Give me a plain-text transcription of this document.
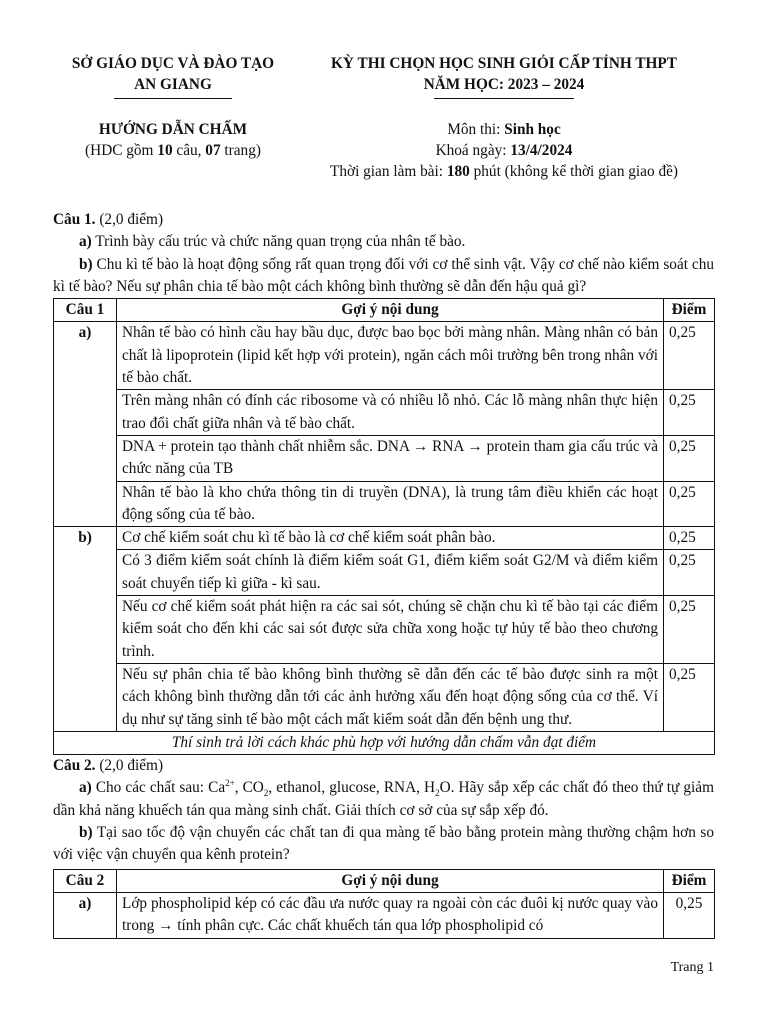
SỞ GIÁO DỤC VÀ ĐÀO TẠO
AN GIANG
HƯỚNG DẪN CHẤM
(HDC gồm 10 câu, 07 trang)
KỲ THI CHỌN HỌC SINH GIỎI CẤP TỈNH THPT
NĂM HỌC: 2023 – 2024
Môn thi: Sinh học
Khoá ngày: 13/4/2024
Thời gian làm bài: 180 phút (không kể thời gian giao đề)

Câu 1. (2,0 điểm)

a) Trình bày cấu trúc và chức năng quan trọng của nhân tế bào.

b) Chu kì tế bào là hoạt động sống rất quan trọng đối với cơ thể sinh vật. Vậy cơ chế nào kiểm soát chu kì tế bào? Nếu sự phân chia tế bào một cách không bình thường sẽ dẫn đến hậu quả gì?

Câu 1	Gợi ý nội dung	Điểm
a)	Nhân tế bào có hình cầu hay bầu dục, được bao bọc bởi màng nhân. Màng nhân có bản chất là lipoprotein (lipid kết hợp với protein), ngăn cách môi trường bên trong nhân với tế bào chất.	0,25
	Trên màng nhân có đính các ribosome và có nhiều lỗ nhỏ. Các lỗ màng nhân thực hiện trao đổi chất giữa nhân và tế bào chất.	0,25
	DNA + protein tạo thành chất nhiễm sắc. DNA → RNA → protein tham gia cấu trúc và chức năng của TB	0,25
	Nhân tế bào là kho chứa thông tin di truyền (DNA), là trung tâm điều khiển các hoạt động sống của tế bào.	0,25
b)	Cơ chế kiểm soát chu kì tế bào là cơ chế kiểm soát phân bào.	0,25
	Có 3 điểm kiểm soát chính là điểm kiểm soát G1, điểm kiểm soát G2/M và điểm kiểm soát chuyển tiếp kì giữa - kì sau.	0,25
	Nếu cơ chế kiểm soát phát hiện ra các sai sót, chúng sẽ chặn chu kì tế bào tại các điểm kiểm soát cho đến khi các sai sót được sửa chữa xong hoặc tự hủy tế bào theo chương trình.	0,25
	Nếu sự phân chia tế bào không bình thường sẽ dẫn đến các tế bào được sinh ra một cách không bình thường dẫn tới các ảnh hưởng xấu đến hoạt động sống của cơ thể. Ví dụ như sự tăng sinh tế bào một cách mất kiểm soát dẫn đến bệnh ung thư.	0,25
Thí sinh trả lời cách khác phù hợp với hướng dẫn chấm vẫn đạt điểm		

Câu 2. (2,0 điểm)

a) Cho các chất sau: $Ca^{2+}$, $CO_2$, ethanol, glucose, RNA, $H_2O$. Hãy sắp xếp các chất đó theo thứ tự giảm dần khả năng khuếch tán qua màng sinh chất. Giải thích cơ sở của sự sắp xếp đó.

b) Tại sao tốc độ vận chuyển các chất tan đi qua màng tế bào bằng protein màng thường chậm hơn so với việc vận chuyển qua kênh protein?

Câu 2	Gợi ý nội dung	Điểm
a)	Lớp phospholipid kép có các đầu ưa nước quay ra ngoài còn các đuôi kị nước quay vào trong → tính phân cực. Các chất khuếch tán qua lớp phospholipid có	0,25
Trang 1
